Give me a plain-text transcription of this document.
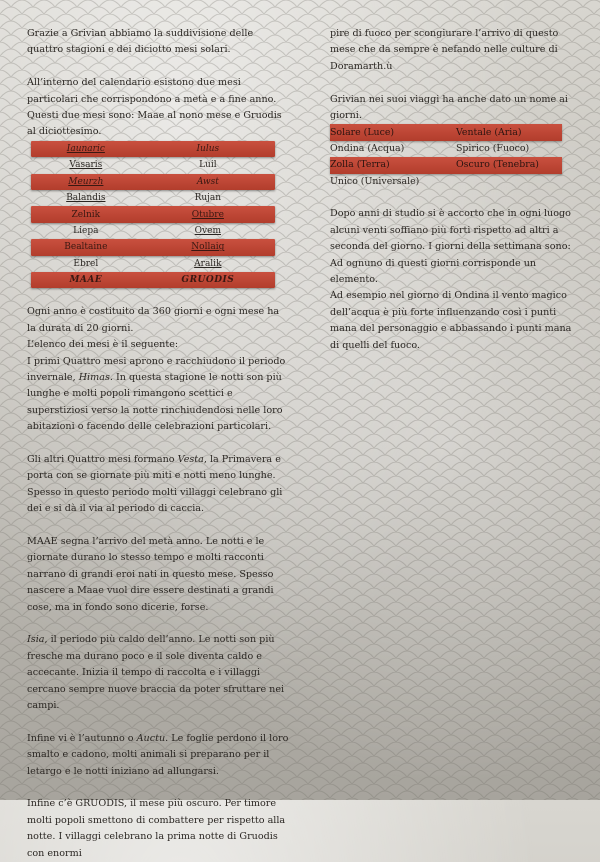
Grazie a Grivian abbiamo la suddivisione delle quattro stagioni e dei diciotto mesi solari.

All’interno del calendario esistono due mesi particolari che corrispondono a metà e a fine anno. Questi due mesi sono: Maae al nono mese e Gruodis al diciottesimo.

Iaunaric	Iulus
Vasaris	Luil
Meurzh	Awst
Balandis	Rujan
Zelnik	Otubre
Liepa	Ovem
Bealtaine	Nollaig
Ebrel	Aralik
MAAE	GRUODIS

Ogni anno è costituito da 360 giorni e ogni mese ha la durata di 20 giorni.

L’elenco dei mesi è il seguente:

I primi Quattro mesi aprono e racchiudono il periodo invernale, Himas. In questa stagione le notti son più lunghe e molti popoli rimangono scettici e superstiziosi verso la notte rinchiudendosi nelle loro abitazioni o facendo delle celebrazioni particolari.

Gli altri Quattro mesi formano Vesta, la Primavera e porta con se giornate più miti e notti meno lunghe. Spesso in questo periodo molti villaggi celebrano gli dei e si dà il via al periodo di caccia.

MAAE segna l’arrivo del metà anno. Le notti e le giornate durano lo stesso tempo e molti racconti narrano di grandi eroi nati in questo mese. Spesso nascere a Maae vuol dire essere destinati a grandi cose, ma in fondo sono dicerie, forse.

Isia, il periodo più caldo dell’anno. Le notti son più fresche ma durano poco e il sole diventa caldo e accecante. Inizia il tempo di raccolta e i villaggi cercano sempre nuove braccia da poter sfruttare nei campi.

Infine vi è l’autunno o Auctu. Le foglie perdono il loro smalto e cadono, molti animali si preparano per il letargo e le notti iniziano ad allungarsi.

Infine c’è GRUODIS, il mese più oscuro. Per timore molti popoli smettono di combattere per rispetto alla notte. I villaggi celebrano la prima notte di Gruodis con enormi

pire di fuoco per scongiurare l’arrivo di questo mese che da sempre è nefando nelle culture di Doramarth.ù

Grivian nei suoi viaggi ha anche dato un nome ai giorni.

Solare (Luce)	Ventale (Aria)
Ondina (Acqua)	Spirico (Fuoco)
Zolla (Terra)	Oscuro (Tenebra)
Unico (Universale)	

Dopo anni di studio si è accorto che in ogni luogo alcuni venti soffiano più forti rispetto ad altri a seconda del giorno. I giorni della settimana sono:

Ad ognuno di questi giorni corrisponde un elemento.

Ad esempio nel giorno di Ondina il vento magico dell’acqua è più forte influenzando così i punti mana del personaggio e abbassando i punti mana di quelli del fuoco.
